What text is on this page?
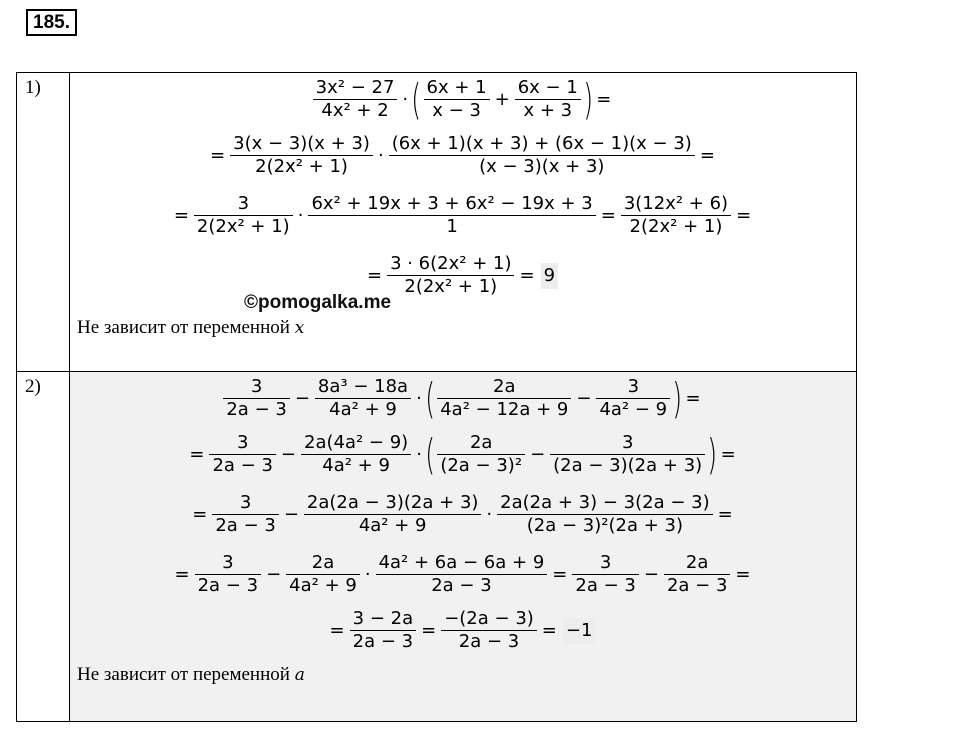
185.
1)	$\frac{\text{3x² − 27}}{\text{4x² + 2}}$ ·( $\frac{6x + 1}{x - 3} + \frac{6x - 1}{x + 3}$ ) =
= $\frac{3(x - 3)(x + 3)}{\text{2(2x² + 1)}} \cdot \frac{(6x + 1)(x + 3) + (6x - 1)(x - 3)}{(x - 3)(x + 3)}$ =
= $\frac{3}{\text{2(2x² + 1)}} \cdot \frac{\text{6x² + 19x + 3 + 6x² − 19x + 3}}{1} = \frac{\text{3(12x² + 6)}}{\text{2(2x² + 1)}}$ =
= $\frac{\text{3 · 6(2x² + 1)}}{\text{2(2x² + 1)}} = 9$
Не зависит от переменной x
2)	$\frac{3}{2a - 3} - \frac{\text{8a³ − 18a}}{\text{4a² + 9}}$ ·( $\frac{2a}{\text{4a² − 12a + 9}} - \frac{3}{\text{4a² − 9}}$ ) =
= $\frac{3}{2a - 3} - \frac{\text{2a(4a² − 9)}}{\text{4a² + 9}}$ ·( $\frac{2a}{\text{(2a − 3)²}} - \frac{3}{(2a - 3)(2a + 3)}$ ) =
= $\frac{3}{2a - 3} - \frac{2a(2a - 3)(2a + 3)}{\text{4a² + 9}} \cdot \frac{2a(2a + 3) - 3(2a - 3)}{\text{(2a − 3)²(2a + 3)}}$ =
= $\frac{3}{2a - 3} - \frac{2a}{\text{4a² + 9}} \cdot \frac{\text{4a² + 6a − 6a + 9}}{2a - 3} = \frac{3}{2a - 3} - \frac{2a}{2a - 3}$ =
= $\frac{3 - 2a}{2a - 3} = \frac{-(2a - 3)}{2a - 3} = -1$
Не зависит от переменной a
©pomogalka.me
